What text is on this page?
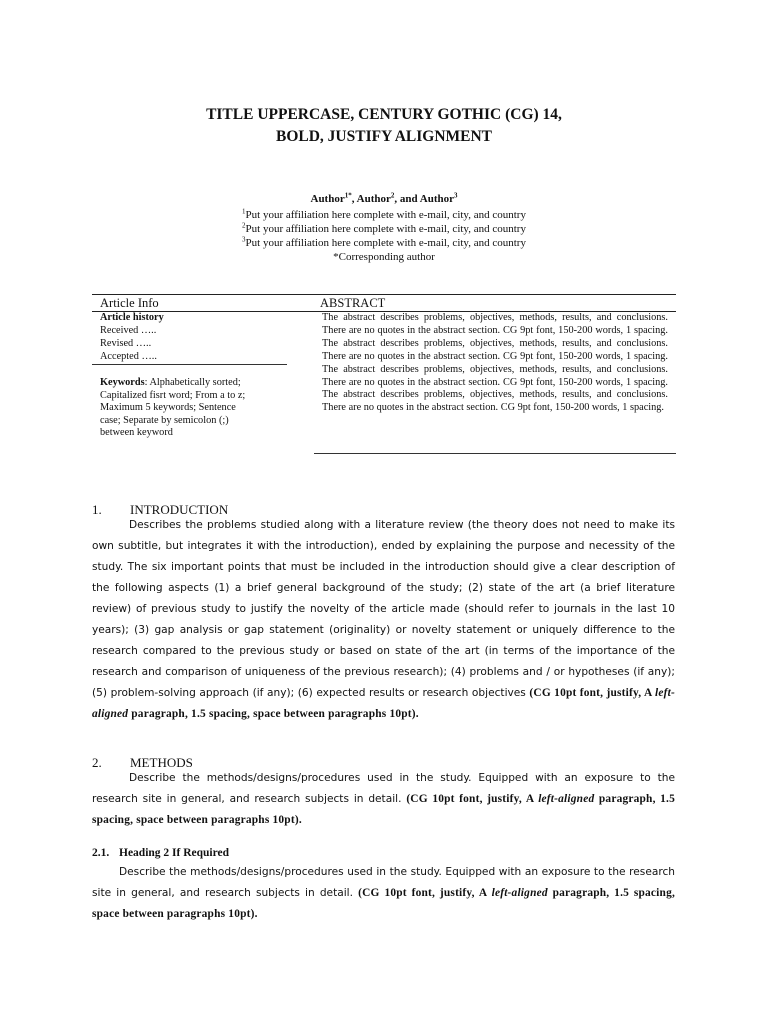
TITLE UPPERCASE, CENTURY GOTHIC (CG) 14,
BOLD, JUSTIFY ALIGNMENT
Author$^{1*}$, Author$^2$, and Author$^3$
$^1$Put your affiliation here complete with e-mail, city, and country
$^2$Put your affiliation here complete with e-mail, city, and country
$^3$Put your affiliation here complete with e-mail, city, and country
*Corresponding author
Article Info	ABSTRACT
Article history
Received …..
Revised …..
Accepted …..
Keywords: Alphabetically sorted;
Capitalized fisrt word; From a to z;
Maximum 5 keywords; Sentence
case; Separate by semicolon (;)
between keyword
The abstract describes problems, objectives, methods, results, and conclusions. There are no quotes in the abstract section. CG 9pt font, 150-200 words, 1 spacing. The abstract describes problems, objectives, methods, results, and conclusions. There are no quotes in the abstract section. CG 9pt font, 150-200 words, 1 spacing. The abstract describes problems, objectives, methods, results, and conclusions. There are no quotes in the abstract section. CG 9pt font, 150-200 words, 1 spacing. The abstract describes problems, objectives, methods, results, and conclusions. There are no quotes in the abstract section. CG 9pt font, 150-200 words, 1 spacing.
1. INTRODUCTION
Describes the problems studied along with a literature review (the theory does not need to make its own subtitle, but integrates it with the introduction), ended by explaining the purpose and necessity of the study. The six important points that must be included in the introduction should give a clear description of the following aspects (1) a brief general background of the study; (2) state of the art (a brief literature review) of previous study to justify the novelty of the article made (should refer to journals in the last 10 years); (3) gap analysis or gap statement (originality) or novelty statement or uniquely difference to the research compared to the previous study or based on state of the art (in terms of the importance of the research and comparison of uniqueness of the previous research); (4) problems and / or hypotheses (if any); (5) problem-solving approach (if any); (6) expected results or research objectives (CG 10pt font, justify, A left-aligned paragraph, 1.5 spacing, space between paragraphs 10pt).
2. METHODS
Describe the methods/designs/procedures used in the study. Equipped with an exposure to the research site in general, and research subjects in detail. (CG 10pt font, justify, A left-aligned paragraph, 1.5 spacing, space between paragraphs 10pt).
2.1. Heading 2 If Required
Describe the methods/designs/procedures used in the study. Equipped with an exposure to the research site in general, and research subjects in detail. (CG 10pt font, justify, A left-aligned paragraph, 1.5 spacing, space between paragraphs 10pt).
